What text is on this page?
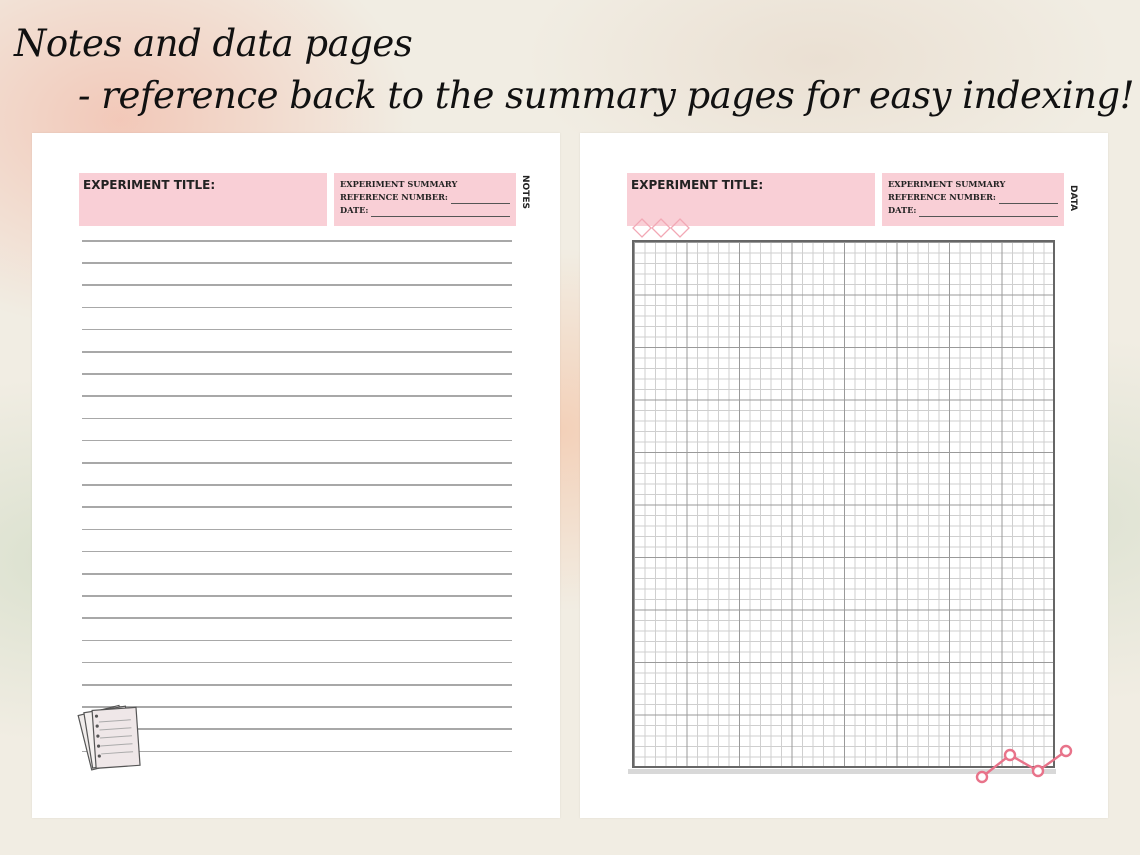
Notes and data pages
- reference back to the summary pages for easy indexing!
EXPERIMENT TITLE:	EXPERIMENT SUMMARY
REFERENCE NUMBER:
DATE:
NOTES	EXPERIMENT TITLE:	EXPERIMENT SUMMARY
REFERENCE NUMBER:
DATE:	DATA
